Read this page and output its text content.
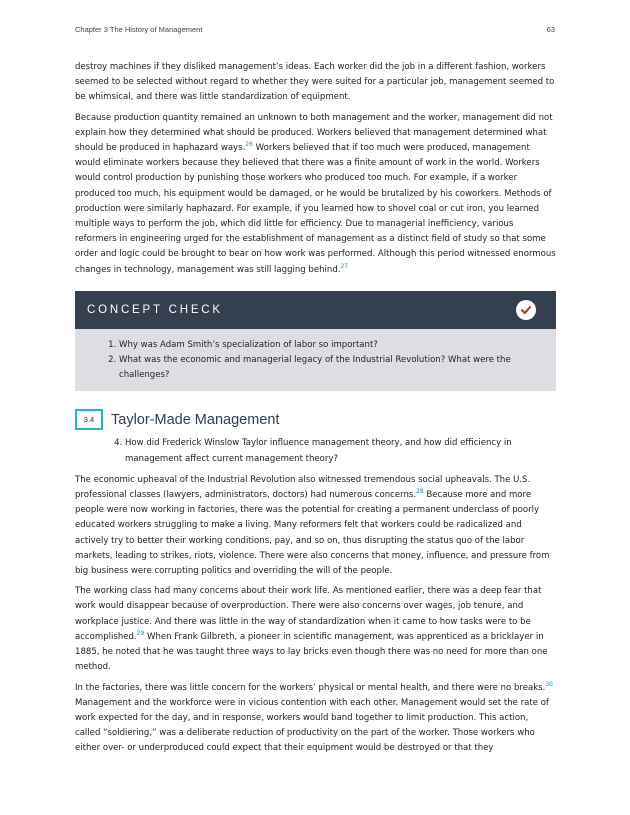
Chapter 3 The History of Management	63

destroy machines if they disliked management’s ideas. Each worker did the job in a different fashion, workers seemed to be selected without regard to whether they were suited for a particular job, management seemed to be whimsical, and there was little standardization of equipment.

Because production quantity remained an unknown to both management and the worker, management did not explain how they determined what should be produced. Workers believed that management determined what should be produced in haphazard ways.$^{26}$ Workers believed that if too much were produced, management would eliminate workers because they believed that there was a finite amount of work in the world. Workers would control production by punishing those workers who produced too much. For example, if a worker produced too much, his equipment would be damaged, or he would be brutalized by his coworkers. Methods of production were similarly haphazard. For example, if you learned how to shovel coal or cut iron, you learned multiple ways to perform the job, which did little for efficiency. Due to managerial inefficiency, various reformers in engineering urged for the establishment of management as a distinct field of study so that some order and logic could be brought to bear on how work was performed. Although this period witnessed enormous changes in technology, management was still lagging behind.$^{27}$

CONCEPT CHECK
1. Why was Adam Smith’s specialization of labor so important?
2. What was the economic and managerial legacy of the Industrial Revolution? What were the challenges?
3.4	Taylor-Made Management
4. How did Frederick Winslow Taylor influence management theory, and how did efficiency in management affect current management theory?

The economic upheaval of the Industrial Revolution also witnessed tremendous social upheavals. The U.S. professional classes (lawyers, administrators, doctors) had numerous concerns.$^{28}$ Because more and more people were now working in factories, there was the potential for creating a permanent underclass of poorly educated workers struggling to make a living. Many reformers felt that workers could be radicalized and actively try to better their working conditions, pay, and so on, thus disrupting the status quo of the labor markets, leading to strikes, riots, violence. There were also concerns that money, influence, and pressure from big business were corrupting politics and overriding the will of the people.

The working class had many concerns about their work life. As mentioned earlier, there was a deep fear that work would disappear because of overproduction. There were also concerns over wages, job tenure, and workplace justice. And there was little in the way of standardization when it came to how tasks were to be accomplished.$^{29}$ When Frank Gilbreth, a pioneer in scientific management, was apprenticed as a bricklayer in 1885, he noted that he was taught three ways to lay bricks even though there was no need for more than one method.

In the factories, there was little concern for the workers’ physical or mental health, and there were no breaks.$^{30}$ Management and the workforce were in vicious contention with each other. Management would set the rate of work expected for the day, and in response, workers would band together to limit production. This action, called “soldiering,” was a deliberate reduction of productivity on the part of the worker. Those workers who either over- or underproduced could expect that their equipment would be destroyed or that they
